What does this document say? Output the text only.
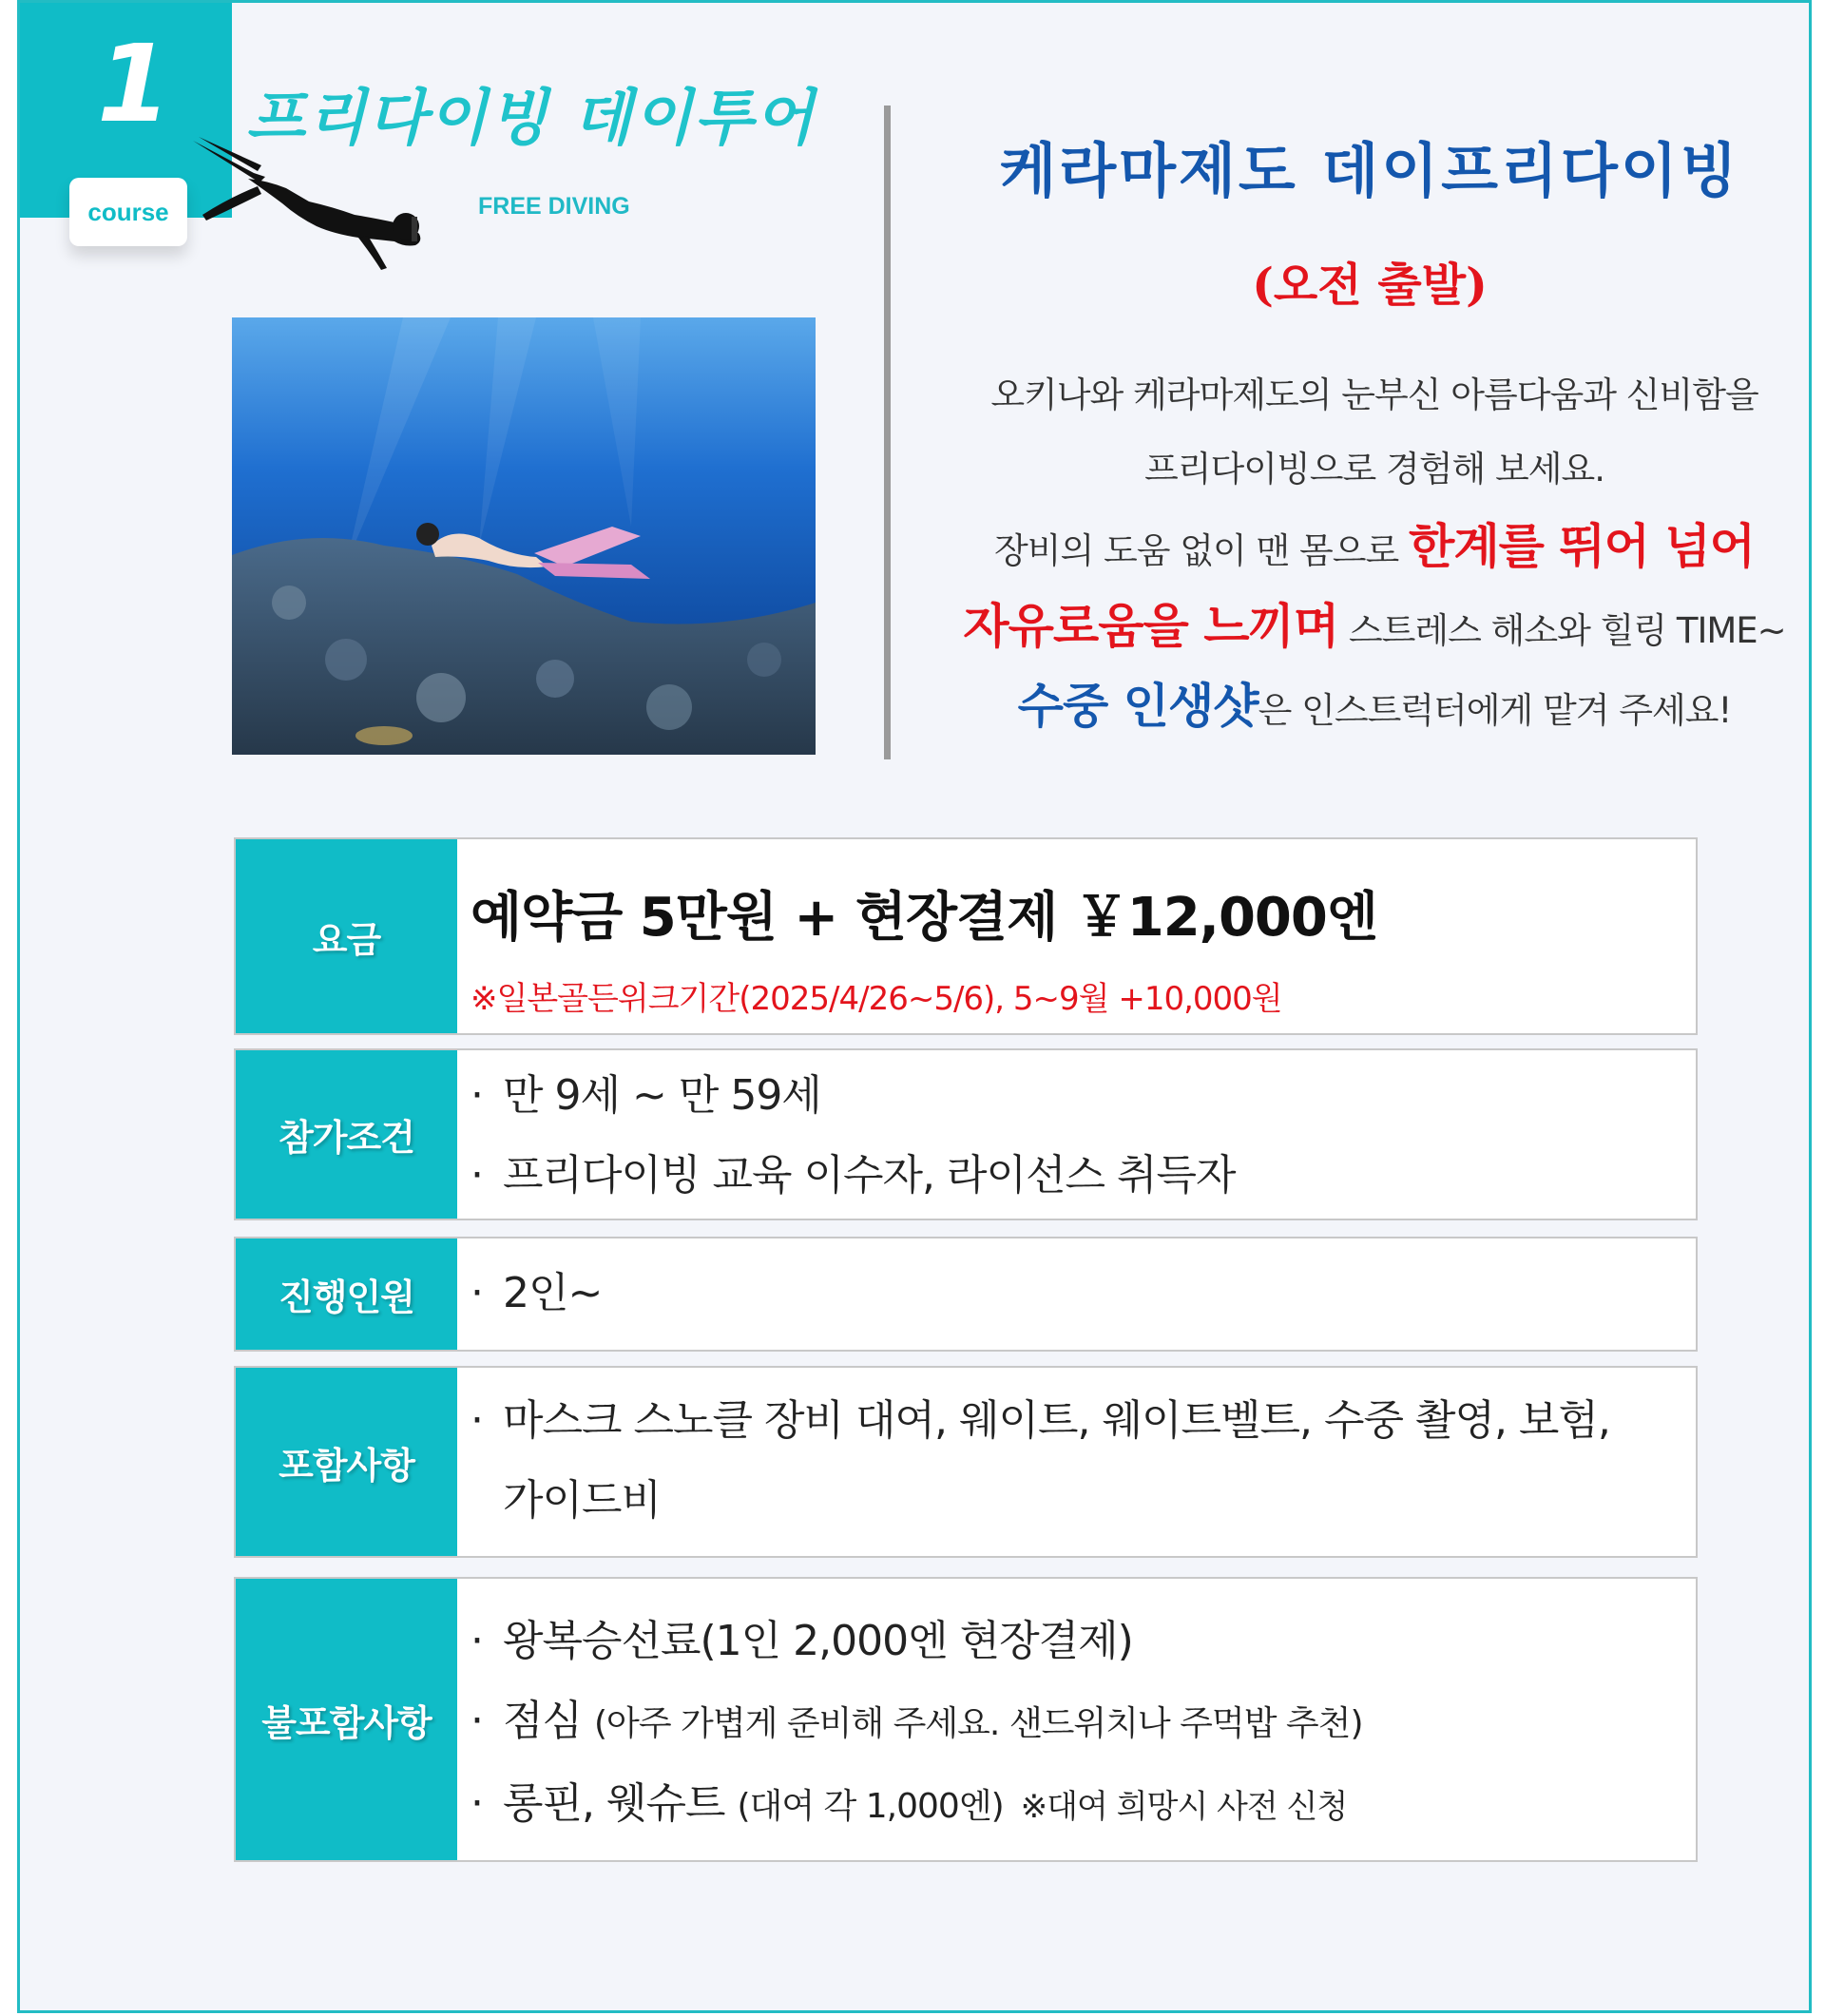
1
course
프리다이빙 데이투어
FREE DIVING
케라마제도 데이프리다이빙
(오전 출발)
오키나와 케라마제도의 눈부신 아름다움과 신비함을
프리다이빙으로 경험해 보세요.
장비의 도움 없이 맨 몸으로 한계를 뛰어 넘어
자유로움을 느끼며 스트레스 해소와 힐링 TIME~
수중 인생샷은 인스트럭터에게 맡겨 주세요!
요금	예약금 5만원 + 현장결제 ￥12,000엔
※일본골든위크기간(2025/4/26~5/6), 5~9월 +10,000원
참가조건
· 만 9세 ~ 만 59세
· 프리다이빙 교육 이수자, 라이선스 취득자
진행인원	· 2인~
포함사항
· 마스크 스노클 장비 대여, 웨이트, 웨이트벨트, 수중 촬영, 보험,
가이드비
불포함사항
· 왕복승선료(1인 2,000엔 현장결제)
· 점심 (아주 가볍게 준비해 주세요. 샌드위치나 주먹밥 추천)
· 롱핀, 웻슈트 (대여 각 1,000엔) ※대여 희망시 사전 신청
